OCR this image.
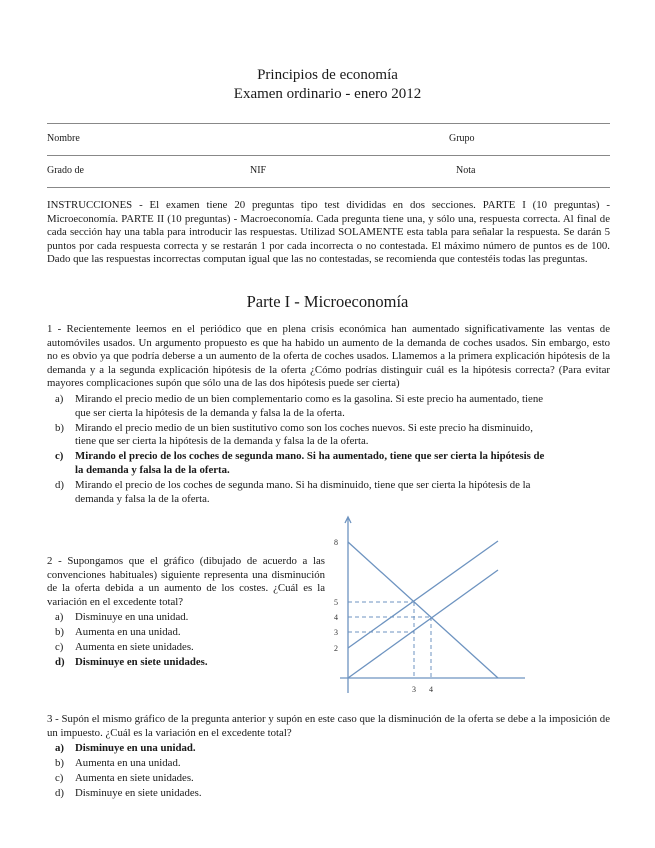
Principios de economía
Examen ordinario - enero 2012
Nombre	Grupo
Grado de	NIF	Nota
INSTRUCCIONES - El examen tiene 20 preguntas tipo test divididas en dos secciones. PARTE I (10 preguntas) - Microeconomía. PARTE II (10 preguntas) - Macroeconomía. Cada pregunta tiene una, y sólo una, respuesta correcta. Al final de cada sección hay una tabla para introducir las respuestas. Utilizad SOLAMENTE esta tabla para señalar la respuesta. Se darán 5 puntos por cada respuesta correcta y se restarán 1 por cada incorrecta o no contestada. El máximo número de puntos es de 100. Dado que las respuestas incorrectas computan igual que las no contestadas, se recomienda que contestéis todas las preguntas.
Parte I - Microeconomía
1 - Recientemente leemos en el periódico que en plena crisis económica han aumentado significativamente las ventas de automóviles usados. Un argumento propuesto es que ha habido un aumento de la demanda de coches usados. Sin embargo, esto no es obvio ya que podría deberse a un aumento de la oferta de coches usados. Llamemos a la primera explicación hipótesis de la demanda y a la segunda explicación hipótesis de la oferta ¿Cómo podrías distinguir cuál es la hipótesis correcta? (Para evitar mayores complicaciones supón que sólo una de las dos hipótesis puede ser cierta)
a) Mirando el precio medio de un bien complementario como es la gasolina. Si este precio ha aumentado, tiene que ser cierta la hipótesis de la demanda y falsa la de la oferta.
b) Mirando el precio medio de un bien sustitutivo como son los coches nuevos. Si este precio ha disminuido, tiene que ser cierta la hipótesis de la demanda y falsa la de la oferta.
c) Mirando el precio de los coches de segunda mano. Si ha aumentado, tiene que ser cierta la hipótesis de la demanda y falsa la de la oferta.
d) Mirando el precio de los coches de segunda mano. Si ha disminuido, tiene que ser cierta la hipótesis de la demanda y falsa la de la oferta.
2 - Supongamos que el gráfico (dibujado de acuerdo a las convenciones habituales) siguiente representa una disminución de la oferta debida a un aumento de los costes. ¿Cuál es la variación en el excedente total?
a) Disminuye en una unidad.
b) Aumenta en una unidad.
c) Aumenta en siete unidades.
d) Disminuye en siete unidades.
8
5
4
3
2
3 4
3 - Supón el mismo gráfico de la pregunta anterior y supón en este caso que la disminución de la oferta se debe a la imposición de un impuesto. ¿Cuál es la variación en el excedente total?
a) Disminuye en una unidad.
b) Aumenta en una unidad.
c) Aumenta en siete unidades.
d) Disminuye en siete unidades.
